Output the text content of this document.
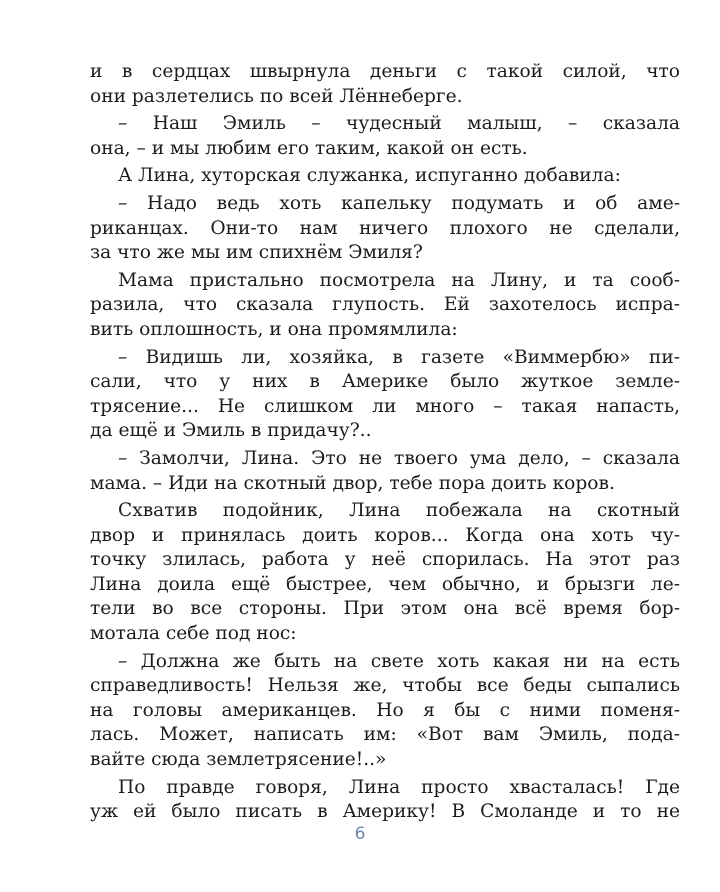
и в сердцах швырнула деньги с такой силой, что
они разлетелись по всей Лённеберге.
– Наш Эмиль – чудесный малыш, – сказала
она, – и мы любим его таким, какой он есть.
А Лина, хуторская служанка, испуганно добавила:
– Надо ведь хоть капельку подумать и об аме-
риканцах. Они-то нам ничего плохого не сделали,
за что же мы им спихнём Эмиля?
Мама пристально посмотрела на Лину, и та сооб-
разила, что сказала глупость. Ей захотелось испра-
вить оплошность, и она промямлила:
– Видишь ли, хозяйка, в газете «Виммербю» пи-
сали, что у них в Америке было жуткое земле-
трясение... Не слишком ли много – такая напасть,
да ещё и Эмиль в придачу?..
– Замолчи, Лина. Это не твоего ума дело, – сказала
мама. – Иди на скотный двор, тебе пора доить коров.
Схватив подойник, Лина побежала на скотный
двор и принялась доить коров... Когда она хоть чу-
точку злилась, работа у неё спорилась. На этот раз
Лина доила ещё быстрее, чем обычно, и брызги ле-
тели во все стороны. При этом она всё время бор-
мотала себе под нос:
– Должна же быть на свете хоть какая ни на есть
справедливость! Нельзя же, чтобы все беды сыпались
на головы американцев. Но я бы с ними поменя-
лась. Может, написать им: «Вот вам Эмиль, пода-
вайте сюда землетрясение!..»
По правде говоря, Лина просто хвасталась! Где
уж ей было писать в Америку! В Смоланде и то не
6
